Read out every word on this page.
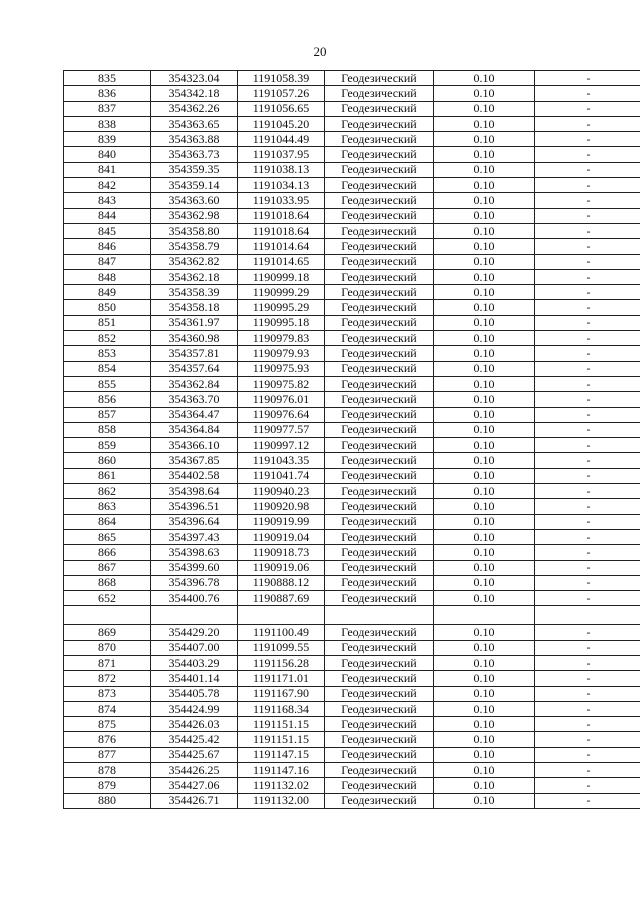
20
835	354323.04	1191058.39	Геодезический	0.10	-
836	354342.18	1191057.26	Геодезический	0.10	-
837	354362.26	1191056.65	Геодезический	0.10	-
838	354363.65	1191045.20	Геодезический	0.10	-
839	354363.88	1191044.49	Геодезический	0.10	-
840	354363.73	1191037.95	Геодезический	0.10	-
841	354359.35	1191038.13	Геодезический	0.10	-
842	354359.14	1191034.13	Геодезический	0.10	-
843	354363.60	1191033.95	Геодезический	0.10	-
844	354362.98	1191018.64	Геодезический	0.10	-
845	354358.80	1191018.64	Геодезический	0.10	-
846	354358.79	1191014.64	Геодезический	0.10	-
847	354362.82	1191014.65	Геодезический	0.10	-
848	354362.18	1190999.18	Геодезический	0.10	-
849	354358.39	1190999.29	Геодезический	0.10	-
850	354358.18	1190995.29	Геодезический	0.10	-
851	354361.97	1190995.18	Геодезический	0.10	-
852	354360.98	1190979.83	Геодезический	0.10	-
853	354357.81	1190979.93	Геодезический	0.10	-
854	354357.64	1190975.93	Геодезический	0.10	-
855	354362.84	1190975.82	Геодезический	0.10	-
856	354363.70	1190976.01	Геодезический	0.10	-
857	354364.47	1190976.64	Геодезический	0.10	-
858	354364.84	1190977.57	Геодезический	0.10	-
859	354366.10	1190997.12	Геодезический	0.10	-
860	354367.85	1191043.35	Геодезический	0.10	-
861	354402.58	1191041.74	Геодезический	0.10	-
862	354398.64	1190940.23	Геодезический	0.10	-
863	354396.51	1190920.98	Геодезический	0.10	-
864	354396.64	1190919.99	Геодезический	0.10	-
865	354397.43	1190919.04	Геодезический	0.10	-
866	354398.63	1190918.73	Геодезический	0.10	-
867	354399.60	1190919.06	Геодезический	0.10	-
868	354396.78	1190888.12	Геодезический	0.10	-
652	354400.76	1190887.69	Геодезический	0.10	-

869	354429.20	1191100.49	Геодезический	0.10	-
870	354407.00	1191099.55	Геодезический	0.10	-
871	354403.29	1191156.28	Геодезический	0.10	-
872	354401.14	1191171.01	Геодезический	0.10	-
873	354405.78	1191167.90	Геодезический	0.10	-
874	354424.99	1191168.34	Геодезический	0.10	-
875	354426.03	1191151.15	Геодезический	0.10	-
876	354425.42	1191151.15	Геодезический	0.10	-
877	354425.67	1191147.15	Геодезический	0.10	-
878	354426.25	1191147.16	Геодезический	0.10	-
879	354427.06	1191132.02	Геодезический	0.10	-
880	354426.71	1191132.00	Геодезический	0.10	-
